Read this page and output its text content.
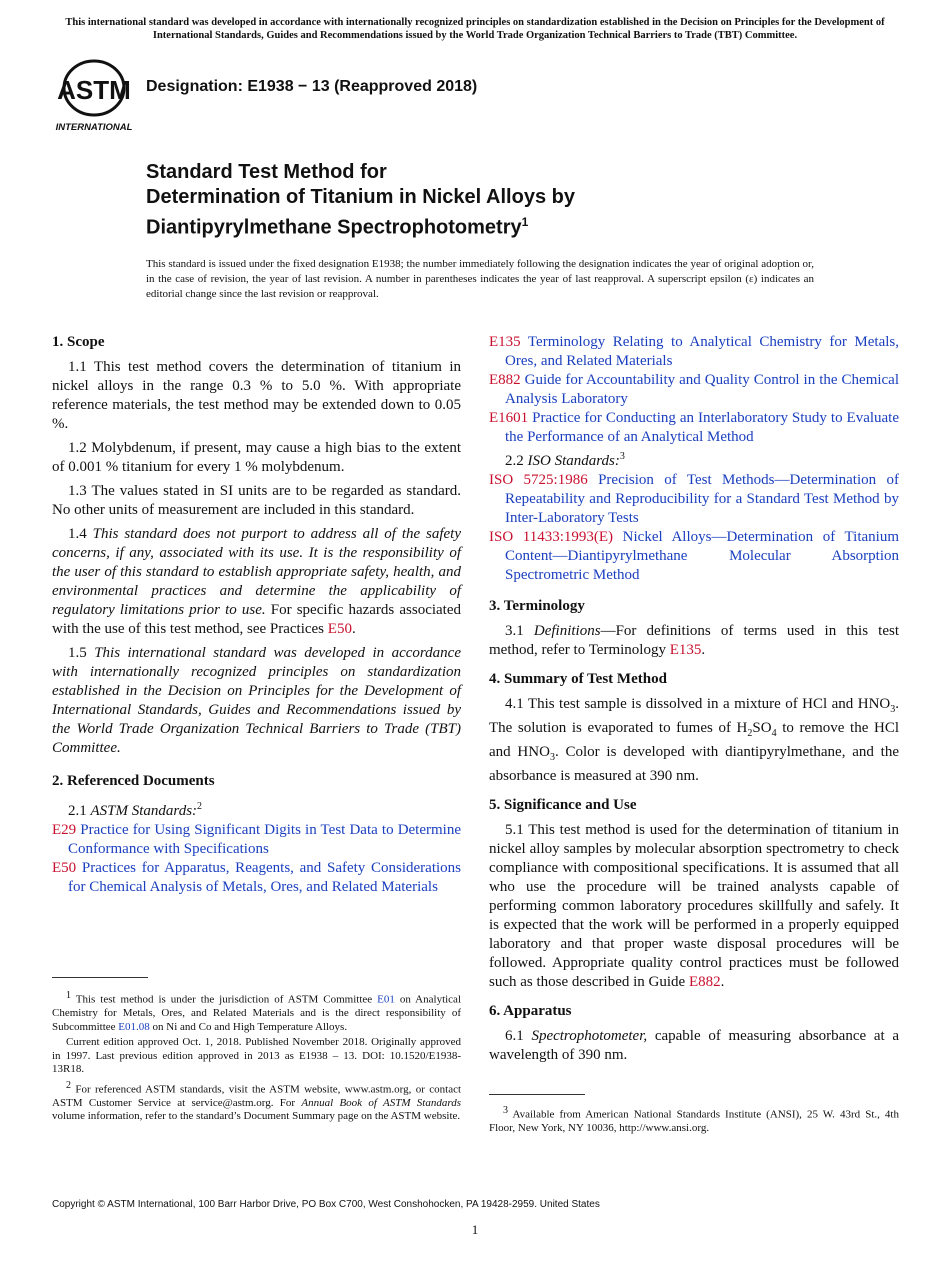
This international standard was developed in accordance with internationally recognized principles on standardization established in the Decision on Principles for the Development of International Standards, Guides and Recommendations issued by the World Trade Organization Technical Barriers to Trade (TBT) Committee.
ASTM
INTERNATIONAL
Designation: E1938 − 13 (Reapproved 2018)
Standard Test Method for
Determination of Titanium in Nickel Alloys by
Diantipyrylmethane Spectrophotometry$^1$
This standard is issued under the fixed designation E1938; the number immediately following the designation indicates the year of original adoption or, in the case of revision, the year of last revision. A number in parentheses indicates the year of last reapproval. A superscript epsilon (ε) indicates an editorial change since the last revision or reapproval.
1. Scope

1.1 This test method covers the determination of titanium in nickel alloys in the range 0.3 % to 5.0 %. With appropriate reference materials, the test method may be extended down to 0.05 %.

1.2 Molybdenum, if present, may cause a high bias to the extent of 0.001 % titanium for every 1 % molybdenum.

1.3 The values stated in SI units are to be regarded as standard. No other units of measurement are included in this standard.

1.4 This standard does not purport to address all of the safety concerns, if any, associated with its use. It is the responsibility of the user of this standard to establish appropriate safety, health, and environmental practices and determine the applicability of regulatory limitations prior to use. For specific hazards associated with the use of this test method, see Practices E50.

1.5 This international standard was developed in accordance with internationally recognized principles on standardization established in the Decision on Principles for the Development of International Standards, Guides and Recommendations issued by the World Trade Organization Technical Barriers to Trade (TBT) Committee.

2. Referenced Documents

2.1 ASTM Standards:$^2$

E29 Practice for Using Significant Digits in Test Data to Determine Conformance with Specifications
E50 Practices for Apparatus, Reagents, and Safety Considerations for Chemical Analysis of Metals, Ores, and Related Materials

$^1$ This test method is under the jurisdiction of ASTM Committee E01 on Analytical Chemistry for Metals, Ores, and Related Materials and is the direct responsibility of Subcommittee E01.08 on Ni and Co and High Temperature Alloys.

Current edition approved Oct. 1, 2018. Published November 2018. Originally approved in 1997. Last previous edition approved in 2013 as E1938 – 13. DOI: 10.1520/E1938-13R18.

$^2$ For referenced ASTM standards, visit the ASTM website, www.astm.org, or contact ASTM Customer Service at service@astm.org. For Annual Book of ASTM Standards volume information, refer to the standard’s Document Summary page on the ASTM website.

E135 Terminology Relating to Analytical Chemistry for Metals, Ores, and Related Materials
E882 Guide for Accountability and Quality Control in the Chemical Analysis Laboratory
E1601 Practice for Conducting an Interlaboratory Study to Evaluate the Performance of an Analytical Method

2.2 ISO Standards:$^3$

ISO 5725:1986 Precision of Test Methods—Determination of Repeatability and Reproducibility for a Standard Test Method by Inter-Laboratory Tests
ISO 11433:1993(E) Nickel Alloys—Determination of Titanium Content—Diantipyrylmethane Molecular Absorption Spectrometric Method
3. Terminology

3.1 Definitions—For definitions of terms used in this test method, refer to Terminology E135.

4. Summary of Test Method

4.1 This test sample is dissolved in a mixture of HCl and $HNO_3$. The solution is evaporated to fumes of $H_2SO_4$ to remove the HCl and $HNO_3$. Color is developed with diantipyrylmethane, and the absorbance is measured at 390 nm.

5. Significance and Use

5.1 This test method is used for the determination of titanium in nickel alloy samples by molecular absorption spectrometry to check compliance with compositional specifications. It is assumed that all who use the procedure will be trained analysts capable of performing common laboratory procedures skillfully and safely. It is expected that the work will be performed in a properly equipped laboratory and that proper waste disposal procedures will be followed. Appropriate quality control practices must be followed such as those described in Guide E882.

6. Apparatus

6.1 Spectrophotometer, capable of measuring absorbance at a wavelength of 390 nm.

$^3$ Available from American National Standards Institute (ANSI), 25 W. 43rd St., 4th Floor, New York, NY 10036, http://www.ansi.org.

Copyright © ASTM International, 100 Barr Harbor Drive, PO Box C700, West Conshohocken, PA 19428-2959. United States
1
